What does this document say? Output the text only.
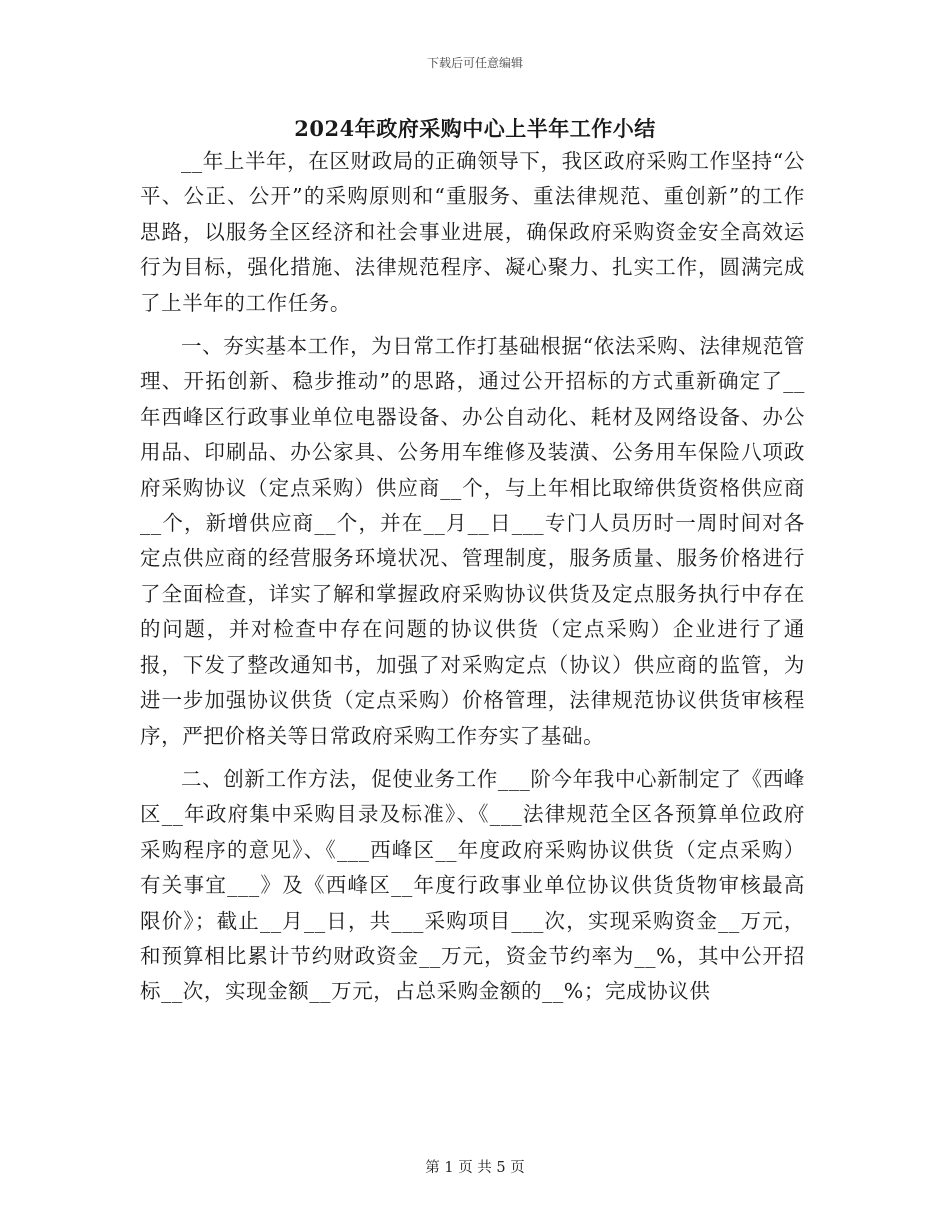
下载后可任意编辑
2024年政府采购中心上半年工作小结

__年上半年，在区财政局的正确领导下，我区政府采购工作坚持“公平、公正、公开”的采购原则和“重服务、重法律规范、重创新”的工作思路，以服务全区经济和社会事业进展，确保政府采购资金安全高效运行为目标，强化措施、法律规范程序、凝心聚力、扎实工作，圆满完成了上半年的工作任务。

一、夯实基本工作，为日常工作打基础根据“依法采购、法律规范管理、开拓创新、稳步推动”的思路，通过公开招标的方式重新确定了__年西峰区行政事业单位电器设备、办公自动化、耗材及网络设备、办公用品、印刷品、办公家具、公务用车维修及装潢、公务用车保险八项政府采购协议（定点采购）供应商__个，与上年相比取缔供货资格供应商__个，新增供应商__个，并在__月__日___专门人员历时一周时间对各定点供应商的经营服务环境状况、管理制度，服务质量、服务价格进行了全面检查，详实了解和掌握政府采购协议供货及定点服务执行中存在的问题，并对检查中存在问题的协议供货（定点采购）企业进行了通报，下发了整改通知书，加强了对采购定点（协议）供应商的监管，为进一步加强协议供货（定点采购）价格管理，法律规范协议供货审核程序，严把价格关等日常政府采购工作夯实了基础。

二、创新工作方法，促使业务工作___阶今年我中心新制定了《西峰区__年政府集中采购目录及标准》、《___法律规范全区各预算单位政府采购程序的意见》、《___西峰区__年度政府采购协议供货（定点采购）有关事宜___》及《西峰区__年度行政事业单位协议供货货物审核最高限价》；截止__月__日，共___采购项目___次，实现采购资金__万元，和预算相比累计节约财政资金__万元，资金节约率为__%，其中公开招标__次，实现金额__万元，占总采购金额的__%；完成协议供

第 1 页 共 5 页
